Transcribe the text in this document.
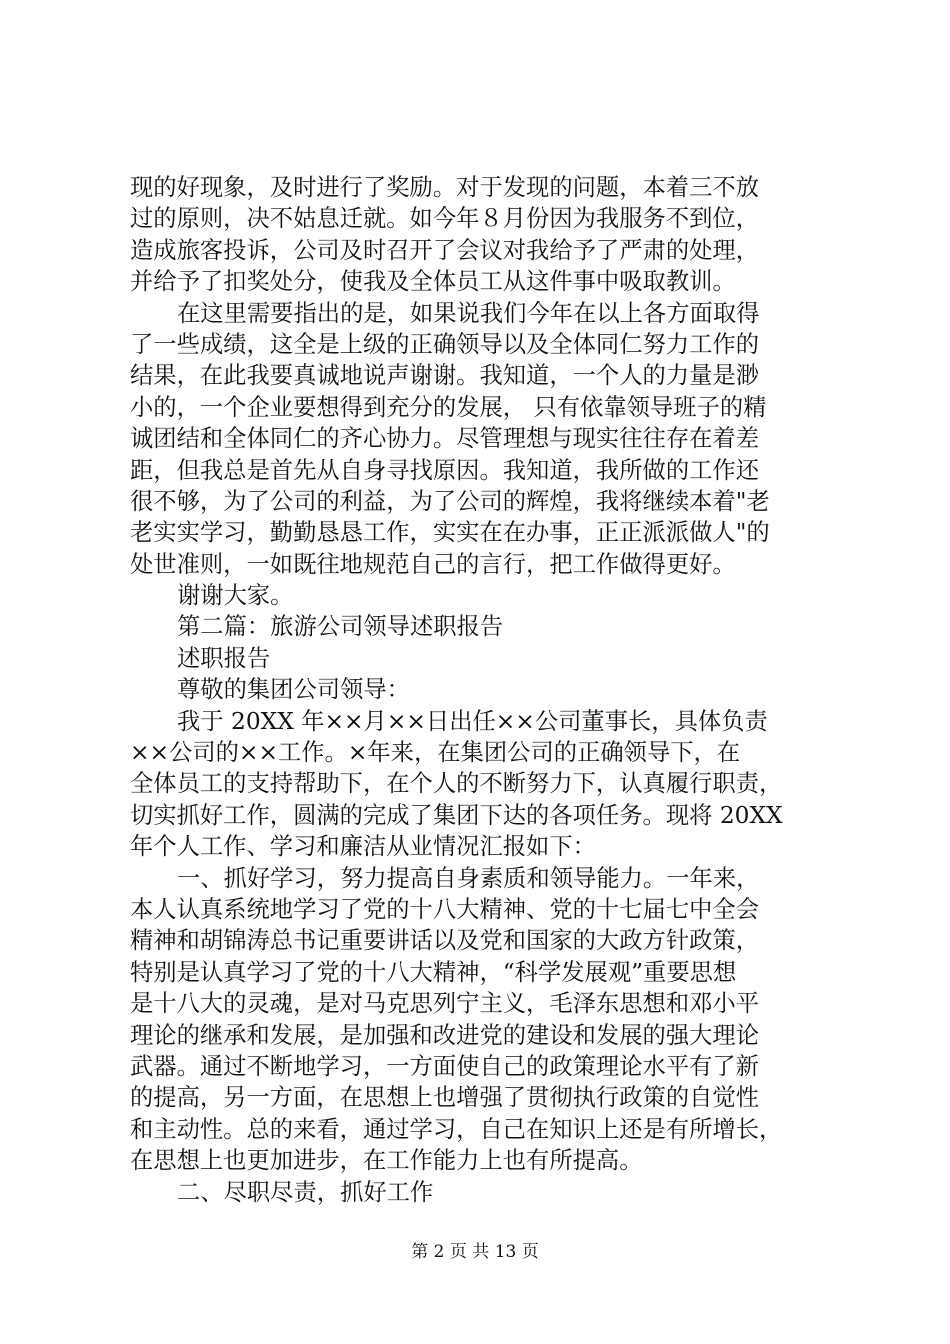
现的好现象，及时进行了奖励。对于发现的问题，本着三不放
过的原则，决不姑息迁就。如今年８月份因为我服务不到位，
造成旅客投诉，公司及时召开了会议对我给予了严肃的处理，
并给予了扣奖处分，使我及全体员工从这件事中吸取教训。
在这里需要指出的是，如果说我们今年在以上各方面取得
了一些成绩，这全是上级的正确领导以及全体同仁努力工作的
结果，在此我要真诚地说声谢谢。我知道，一个人的力量是渺
小的，一个企业要想得到充分的发展， 只有依靠领导班子的精
诚团结和全体同仁的齐心协力。尽管理想与现实往往存在着差
距，但我总是首先从自身寻找原因。我知道，我所做的工作还
很不够，为了公司的利益，为了公司的辉煌，我将继续本着"老
老实实学习，勤勤恳恳工作，实实在在办事，正正派派做人"的
处世准则，一如既往地规范自己的言行，把工作做得更好。
谢谢大家。
第二篇：旅游公司领导述职报告
述职报告
尊敬的集团公司领导：
我于 20XX 年××月××日出任××公司董事长，具体负责
××公司的××工作。×年来，在集团公司的正确领导下，在
全体员工的支持帮助下，在个人的不断努力下，认真履行职责，
切实抓好工作，圆满的完成了集团下达的各项任务。现将 20XX
年个人工作、学习和廉洁从业情况汇报如下：
一、抓好学习，努力提高自身素质和领导能力。一年来，
本人认真系统地学习了党的十八大精神、党的十七届七中全会
精神和胡锦涛总书记重要讲话以及党和国家的大政方针政策，
特别是认真学习了党的十八大精神，“科学发展观”重要思想
是十八大的灵魂，是对马克思列宁主义，毛泽东思想和邓小平
理论的继承和发展，是加强和改进党的建设和发展的强大理论
武器。通过不断地学习，一方面使自己的政策理论水平有了新
的提高，另一方面，在思想上也增强了贯彻执行政策的自觉性
和主动性。总的来看，通过学习，自己在知识上还是有所增长，
在思想上也更加进步，在工作能力上也有所提高。
二、尽职尽责，抓好工作
第 2 页 共 13 页
